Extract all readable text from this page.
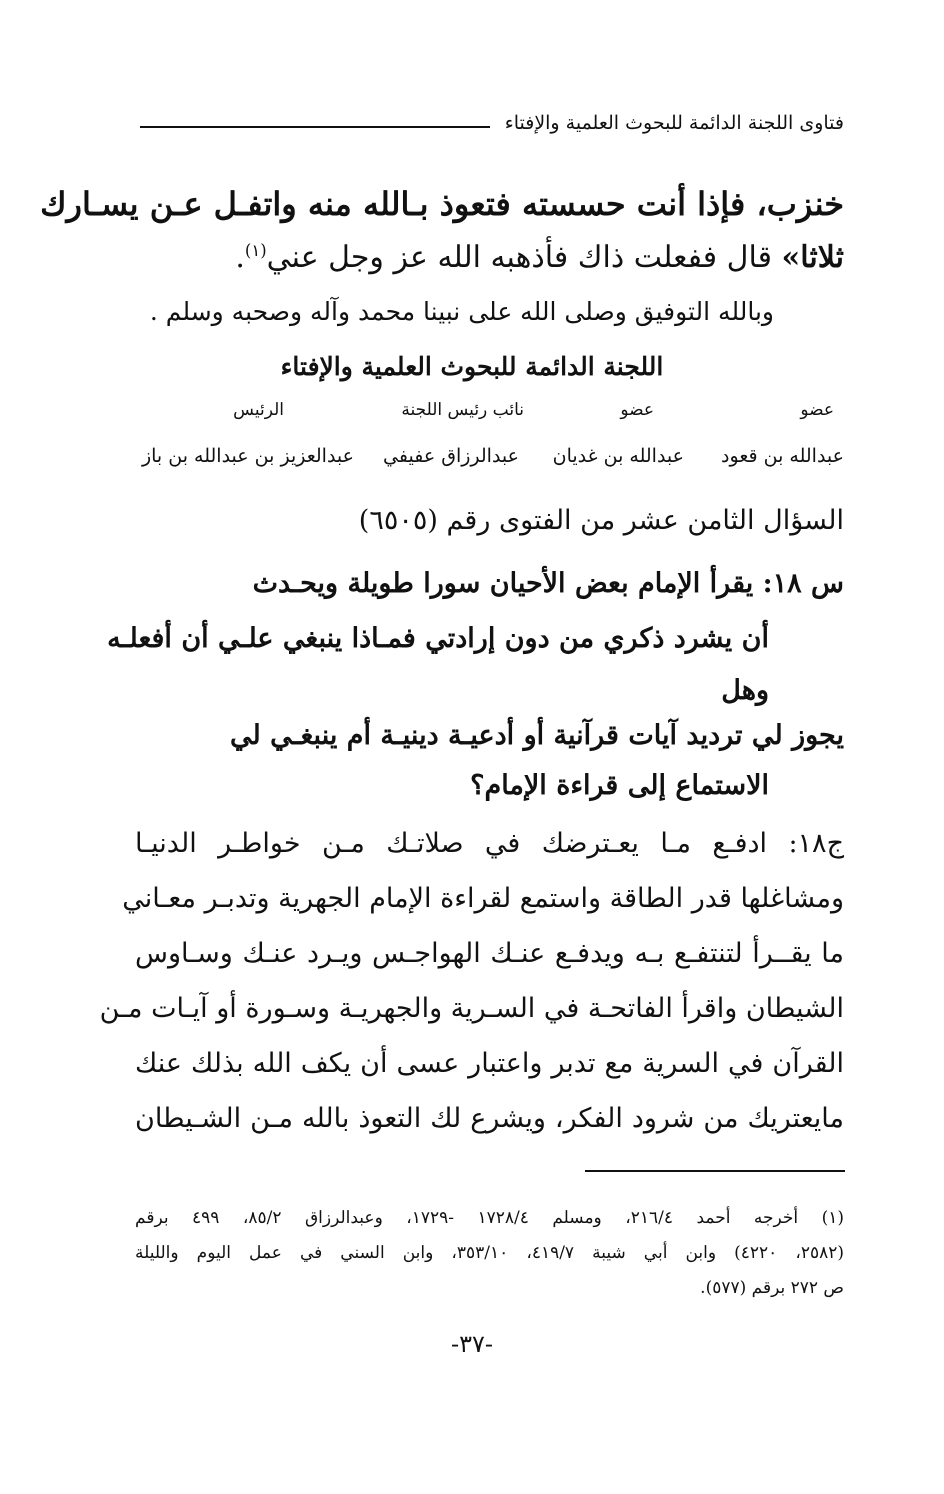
فتاوى اللجنة الدائمة للبحوث العلمية والإفتاء
خنزب، فإذا أنت حسسته فتعوذ بـالله منه واتفـل عـن يسـارك
ثلاثا» قال ففعلت ذاك فأذهبه الله عز وجل عني$^{(١)}$.
وبالله التوفيق وصلى الله على نبينا محمد وآله وصحبه وسلم .
اللجنة الدائمة للبحوث العلمية والإفتاء
عضو
عضو
نائب رئيس اللجنة
الرئيس
عبدالله بن قعود
عبدالله بن غديان
عبدالرزاق عفيفي
عبدالعزيز بن عبدالله بن باز
السؤال الثامن عشر من الفتوى رقم (٦٥٠٥)
س ١٨: يقرأ الإمام بعض الأحيان سورا طويلة ويحـدث
أن يشرد ذكري من دون إرادتي فمـاذا ينبغي علـي أن أفعلـه
وهل
يجوز لي ترديد آيات قرآنية أو أدعيـة دينيـة أم ينبغـي لي
الاستماع إلى قراءة الإمام؟
ج١٨: ادفـع مـا يعـترضك في صلاتـك مـن خواطـر الدنيـا
ومشاغلها قدر الطاقة واستمع لقراءة الإمام الجهرية وتدبـر معـاني
ما يقــرأ لتنتفـع بـه ويدفـع عنـك الهواجـس ويـرد عنـك وسـاوس
الشيطان واقرأ الفاتحـة في السـرية والجهريـة وسـورة أو آيـات مـن
القرآن في السرية مع تدبر واعتبار عسى أن يكف الله بذلك عنك
مايعتريك من شرود الفكر، ويشرع لك التعوذ بالله مـن الشـيطان
(١) أخرجه أحمد ٢١٦/٤، ومسلم ١٧٢٨/٤ -١٧٢٩، وعبدالرزاق ٨٥/٢، ٤٩٩ برقم
(٢٥٨٢، ٤٢٢٠) وابن أبي شيبة ٤١٩/٧، ٣٥٣/١٠، وابن السني في عمل اليوم والليلة
ص ٢٧٢ برقم (٥٧٧).
-٣٧-
